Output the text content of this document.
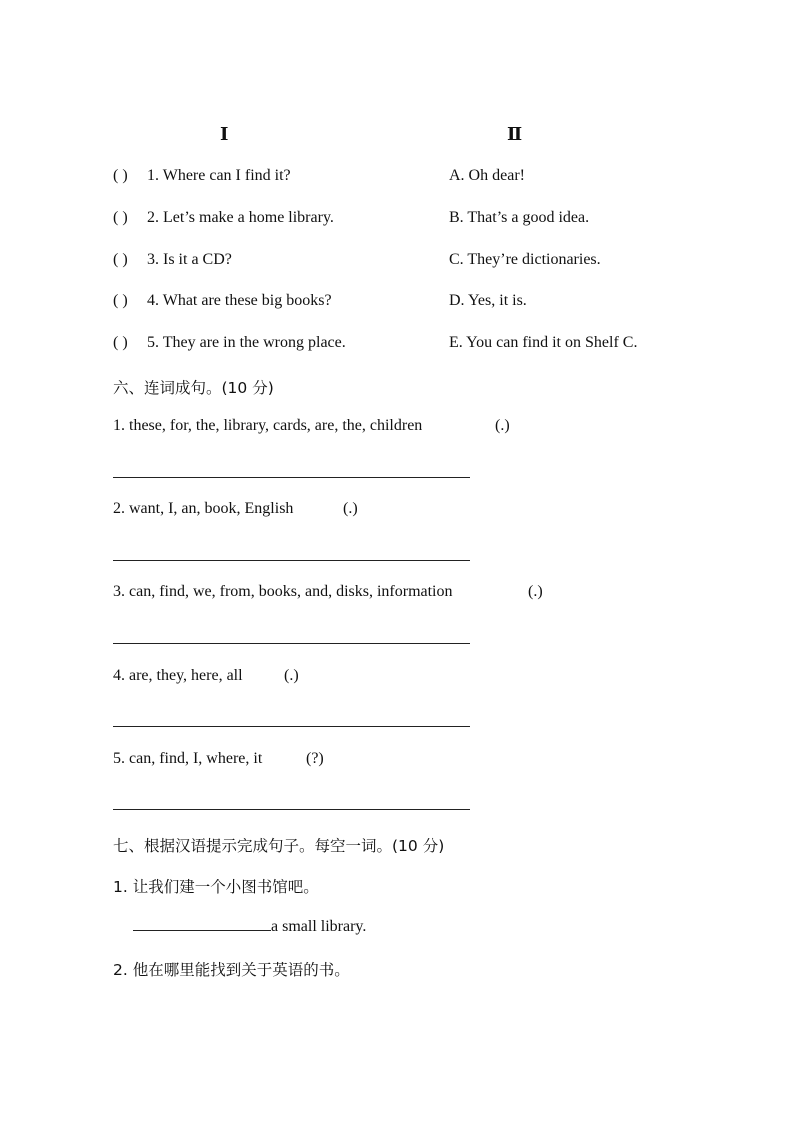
Ⅰ	Ⅱ
( ) 1. Where can I find it?	A. Oh dear!
( ) 2. Let’s make a home library.	B. That’s a good idea.
( ) 3. Is it a CD?	C. They’re dictionaries.
( ) 4. What are these big books?	D. Yes, it is.
( ) 5. They are in the wrong place.	E. You can find it on Shelf C.
六、连词成句。(10 分)
1. these, for, the, library, cards, are, the, children	(.)
2. want, I, an, book, English	(.)
3. can, find, we, from, books, and, disks, information	(.)
4. are, they, here, all	(.)
5. can, find, I, where, it	(?)
七、根据汉语提示完成句子。每空一词。(10 分)
1. 让我们建一个小图书馆吧。
a small library.
2. 他在哪里能找到关于英语的书。
